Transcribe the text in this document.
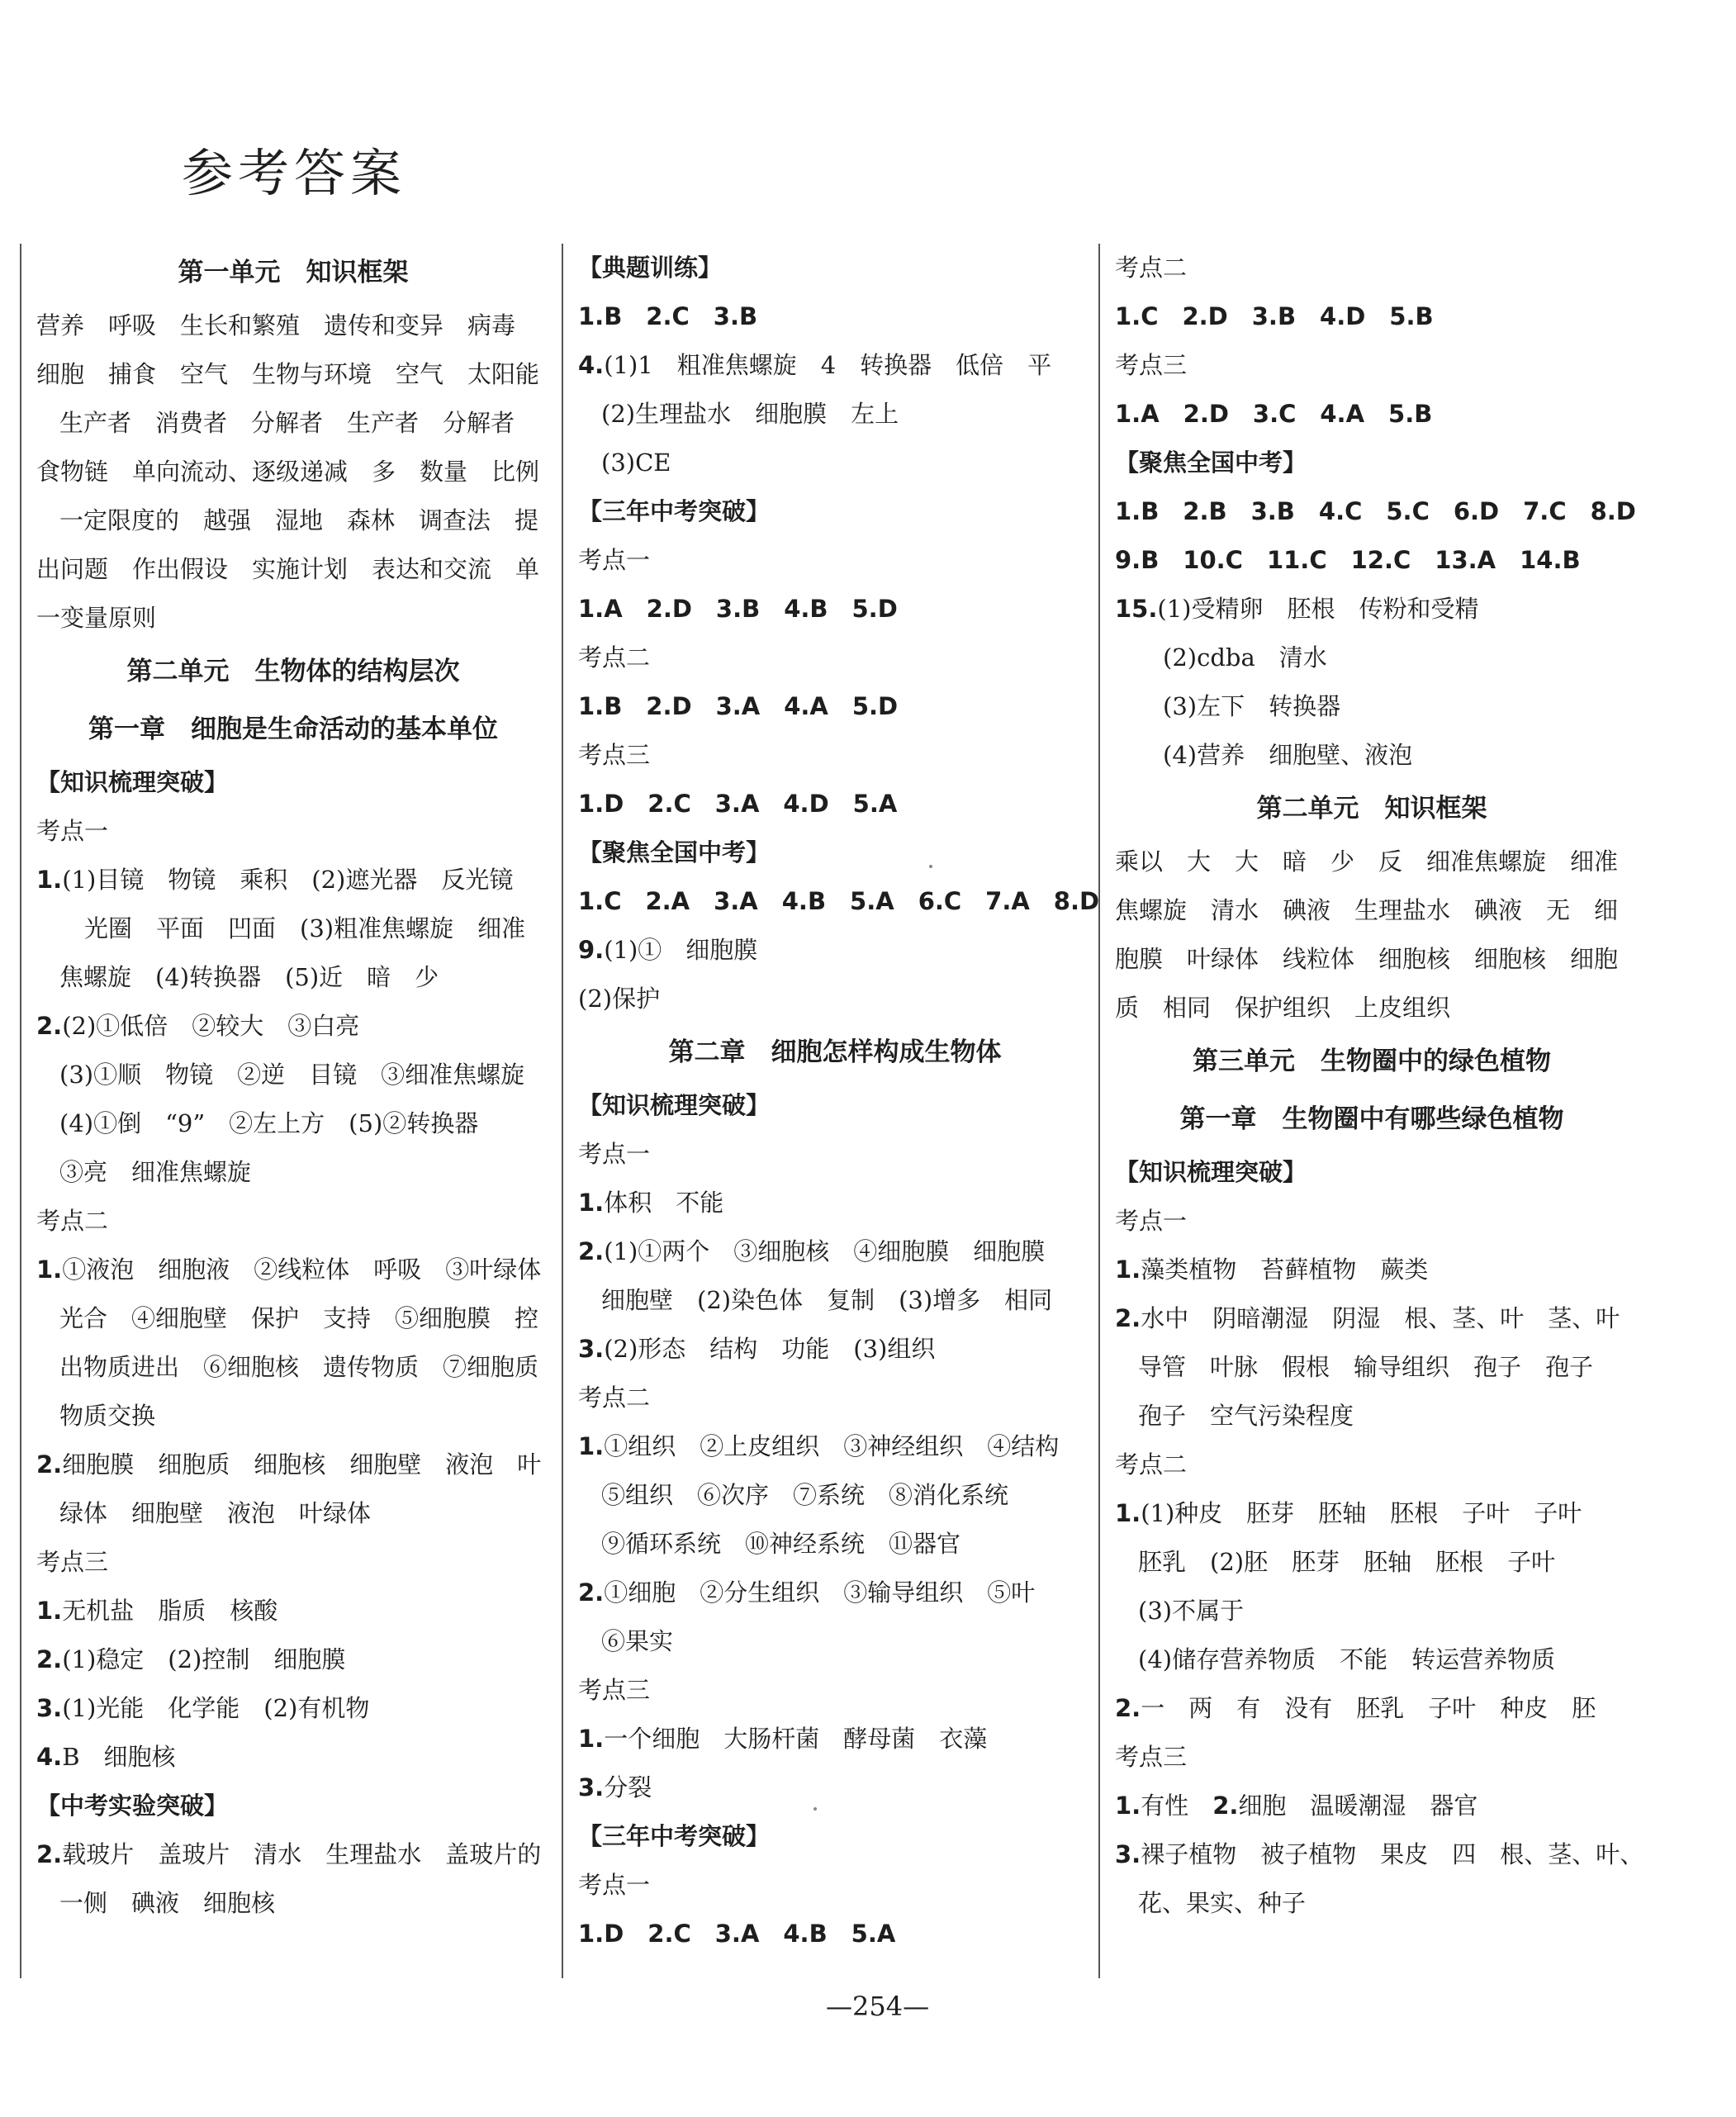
参考答案
第一单元　知识框架
营养　呼吸　生长和繁殖　遗传和变异　病毒
细胞　捕食　空气　生物与环境　空气　太阳能
生产者　消费者　分解者　生产者　分解者
食物链　单向流动、逐级递减　多　数量　比例
一定限度的　越强　湿地　森林　调查法　提
出问题　作出假设　实施计划　表达和交流　单
一变量原则
第二单元　生物体的结构层次
第一章　细胞是生命活动的基本单位
【知识梳理突破】
考点一
1.(1)目镜　物镜　乘积　(2)遮光器　反光镜
光圈　平面　凹面　(3)粗准焦螺旋　细准
焦螺旋　(4)转换器　(5)近　暗　少
2.(2)①低倍　②较大　③白亮
(3)①顺　物镜　②逆　目镜　③细准焦螺旋
(4)①倒　“9”　②左上方　(5)②转换器
③亮　细准焦螺旋
考点二
1.①液泡　细胞液　②线粒体　呼吸　③叶绿体
光合　④细胞壁　保护　支持　⑤细胞膜　控
出物质进出　⑥细胞核　遗传物质　⑦细胞质
物质交换
2.细胞膜　细胞质　细胞核　细胞壁　液泡　叶
绿体　细胞壁　液泡　叶绿体
考点三
1.无机盐　脂质　核酸
2.(1)稳定　(2)控制　细胞膜
3.(1)光能　化学能　(2)有机物
4.B　细胞核
【中考实验突破】
2.载玻片　盖玻片　清水　生理盐水　盖玻片的
一侧　碘液　细胞核
【典题训练】
1.B　2.C　3.B
4.(1)1　粗准焦螺旋　4　转换器　低倍　平
(2)生理盐水　细胞膜　左上
(3)CE
【三年中考突破】
考点一
1.A　2.D　3.B　4.B　5.D
考点二
1.B　2.D　3.A　4.A　5.D
考点三
1.D　2.C　3.A　4.D　5.A
【聚焦全国中考】
1.C　2.A　3.A　4.B　5.A　6.C　7.A　8.D
9.(1)①　细胞膜
(2)保护
第二章　细胞怎样构成生物体
【知识梳理突破】
考点一
1.体积　不能
2.(1)①两个　③细胞核　④细胞膜　细胞膜
细胞壁　(2)染色体　复制　(3)增多　相同
3.(2)形态　结构　功能　(3)组织
考点二
1.①组织　②上皮组织　③神经组织　④结构
⑤组织　⑥次序　⑦系统　⑧消化系统
⑨循环系统　⑩神经系统　⑪器官
2.①细胞　②分生组织　③输导组织　⑤叶
⑥果实
考点三
1.一个细胞　大肠杆菌　酵母菌　衣藻
3.分裂
【三年中考突破】
考点一
1.D　2.C　3.A　4.B　5.A
考点二
1.C　2.D　3.B　4.D　5.B
考点三
1.A　2.D　3.C　4.A　5.B
【聚焦全国中考】
1.B　2.B　3.B　4.C　5.C　6.D　7.C　8.D
9.B　10.C　11.C　12.C　13.A　14.B
15.(1)受精卵　胚根　传粉和受精
(2)cdba　清水
(3)左下　转换器
(4)营养　细胞壁、液泡
第二单元　知识框架
乘以　大　大　暗　少　反　细准焦螺旋　细准
焦螺旋　清水　碘液　生理盐水　碘液　无　细
胞膜　叶绿体　线粒体　细胞核　细胞核　细胞
质　相同　保护组织　上皮组织
第三单元　生物圈中的绿色植物
第一章　生物圈中有哪些绿色植物
【知识梳理突破】
考点一
1.藻类植物　苔藓植物　蕨类
2.水中　阴暗潮湿　阴湿　根、茎、叶　茎、叶
导管　叶脉　假根　输导组织　孢子　孢子
孢子　空气污染程度
考点二
1.(1)种皮　胚芽　胚轴　胚根　子叶　子叶
胚乳　(2)胚　胚芽　胚轴　胚根　子叶
(3)不属于
(4)储存营养物质　不能　转运营养物质
2.一　两　有　没有　胚乳　子叶　种皮　胚
考点三
1.有性　2.细胞　温暖潮湿　器官
3.裸子植物　被子植物　果皮　四　根、茎、叶、
花、果实、种子
—254—
